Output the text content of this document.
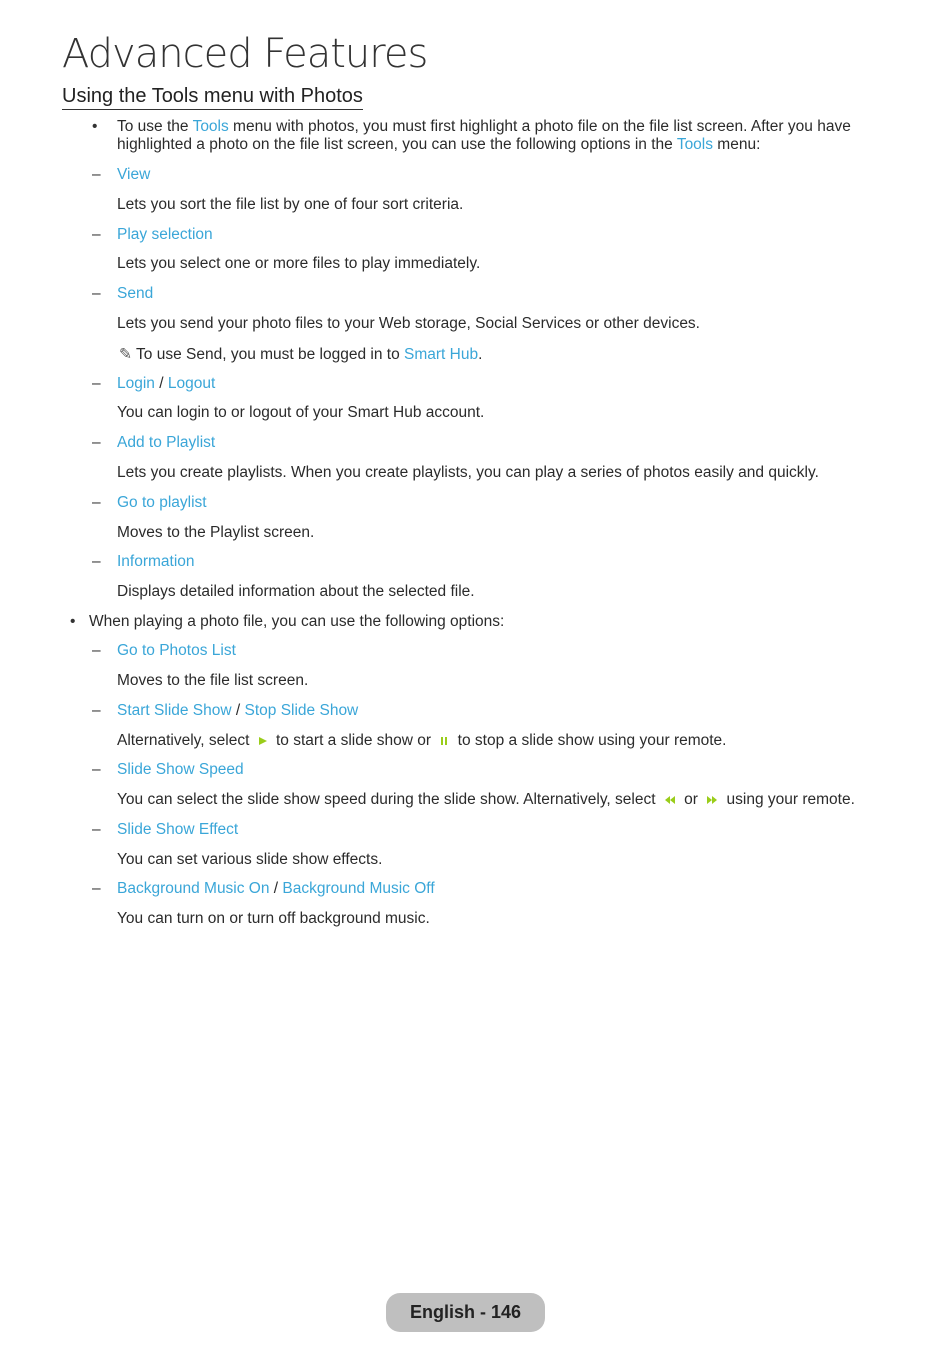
Advanced Features
Using the Tools menu with Photos
• To use the Tools menu with photos, you must first highlight a photo file on the file list screen. After you have
highlighted a photo on the file list screen, you can use the following options in the Tools menu:
– View
Lets you sort the file list by one of four sort criteria.
– Play selection
Lets you select one or more files to play immediately.
– Send
Lets you send your photo files to your Web storage, Social Services or other devices.
✎ To use Send, you must be logged in to Smart Hub.
– Login / Logout
You can login to or logout of your Smart Hub account.
– Add to Playlist
Lets you create playlists. When you create playlists, you can play a series of photos easily and quickly.
– Go to playlist
Moves to the Playlist screen.
– Information
Displays detailed information about the selected file.
• When playing a photo file, you can use the following options:
– Go to Photos List
Moves to the file list screen.
– Start Slide Show / Stop Slide Show
Alternatively, select  to start a slide show or  to stop a slide show using your remote.
– Slide Show Speed
You can select the slide show speed during the slide show. Alternatively, select  or  using your remote.
– Slide Show Effect
You can set various slide show effects.
– Background Music On / Background Music Off
You can turn on or turn off background music.
English - 146
